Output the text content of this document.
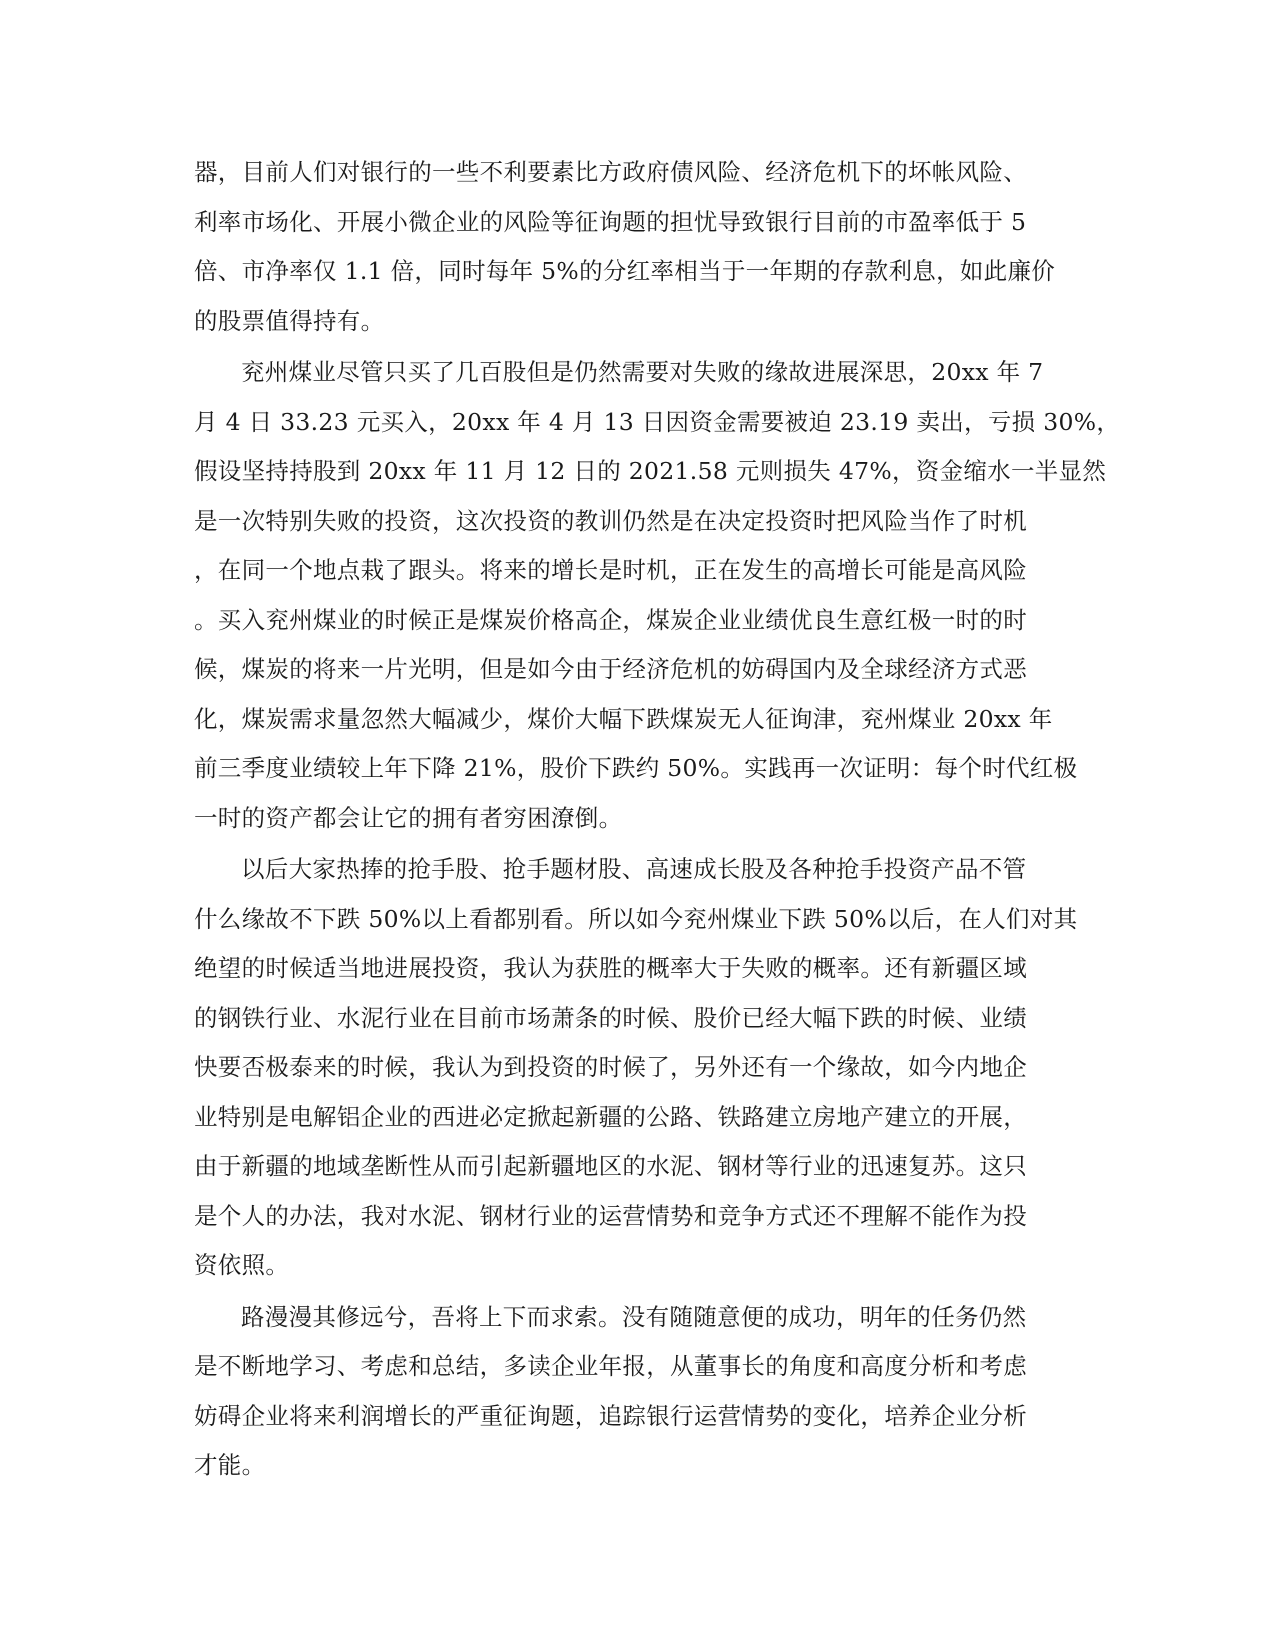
器，目前人们对银行的一些不利要素比方政府债风险、经济危机下的坏帐风险、
利率市场化、开展小微企业的风险等征询题的担忧导致银行目前的市盈率低于 5
倍、市净率仅 1.1 倍，同时每年 5%的分红率相当于一年期的存款利息，如此廉价
的股票值得持有。
兖州煤业尽管只买了几百股但是仍然需要对失败的缘故进展深思，20xx 年 7
月 4 日 33.23 元买入，20xx 年 4 月 13 日因资金需要被迫 23.19 卖出，亏损 30%，
假设坚持持股到 20xx 年 11 月 12 日的 2021.58 元则损失 47%，资金缩水一半显然
是一次特别失败的投资，这次投资的教训仍然是在决定投资时把风险当作了时机
，在同一个地点栽了跟头。将来的增长是时机，正在发生的高增长可能是高风险
。买入兖州煤业的时候正是煤炭价格高企，煤炭企业业绩优良生意红极一时的时
候，煤炭的将来一片光明，但是如今由于经济危机的妨碍国内及全球经济方式恶
化，煤炭需求量忽然大幅减少，煤价大幅下跌煤炭无人征询津，兖州煤业 20xx 年
前三季度业绩较上年下降 21%，股价下跌约 50%。实践再一次证明：每个时代红极
一时的资产都会让它的拥有者穷困潦倒。
以后大家热捧的抢手股、抢手题材股、高速成长股及各种抢手投资产品不管
什么缘故不下跌 50%以上看都别看。所以如今兖州煤业下跌 50%以后，在人们对其
绝望的时候适当地进展投资，我认为获胜的概率大于失败的概率。还有新疆区域
的钢铁行业、水泥行业在目前市场萧条的时候、股价已经大幅下跌的时候、业绩
快要否极泰来的时候，我认为到投资的时候了，另外还有一个缘故，如今内地企
业特别是电解铝企业的西进必定掀起新疆的公路、铁路建立房地产建立的开展，
由于新疆的地域垄断性从而引起新疆地区的水泥、钢材等行业的迅速复苏。这只
是个人的办法，我对水泥、钢材行业的运营情势和竞争方式还不理解不能作为投
资依照。
路漫漫其修远兮，吾将上下而求索。没有随随意便的成功，明年的任务仍然
是不断地学习、考虑和总结，多读企业年报，从董事长的角度和高度分析和考虑
妨碍企业将来利润增长的严重征询题，追踪银行运营情势的变化，培养企业分析
才能。
